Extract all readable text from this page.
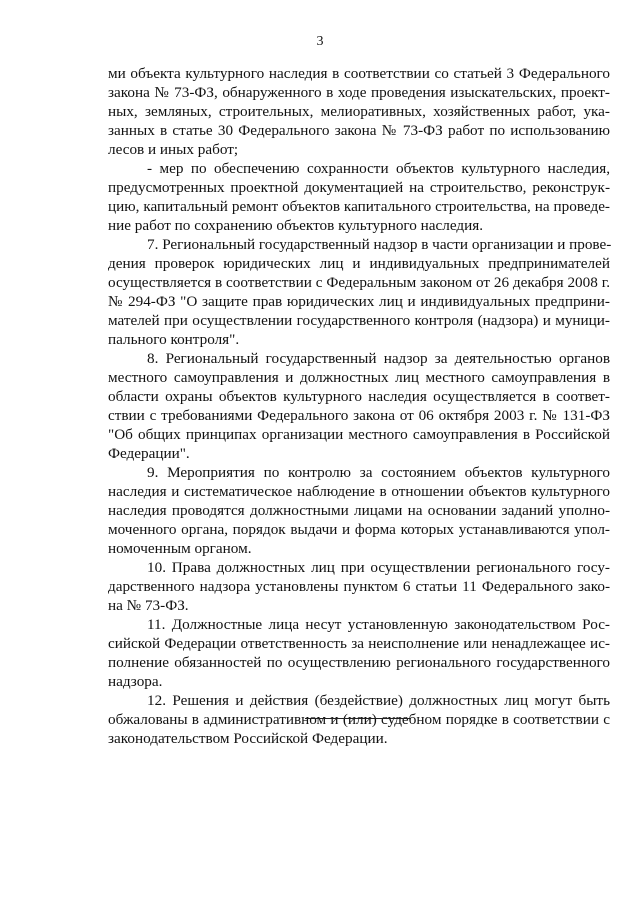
3
ми объекта культурного наследия в соответствии со статьей 3 Федерального
закона № 73-ФЗ, обнаруженного в ходе проведения изыскательских, проект-
ных, земляных, строительных, мелиоративных, хозяйственных работ, ука-
занных в статье 30 Федерального закона № 73-ФЗ работ по использованию
лесов и иных работ;
- мер по обеспечению сохранности объектов культурного наследия,
предусмотренных проектной документацией на строительство, реконструк-
цию, капитальный ремонт объектов капитального строительства, на проведе-
ние работ по сохранению объектов культурного наследия.
7. Региональный государственный надзор в части организации и прове-
дения проверок юридических лиц и индивидуальных предпринимателей
осуществляется в соответствии с Федеральным законом от 26 декабря 2008 г.
№ 294-ФЗ "О защите прав юридических лиц и индивидуальных предприни-
мателей при осуществлении государственного контроля (надзора) и муници-
пального контроля".
8. Региональный государственный надзор за деятельностью органов
местного самоуправления и должностных лиц местного самоуправления в
области охраны объектов культурного наследия осуществляется в соответ-
ствии с требованиями Федерального закона от 06 октября 2003 г. № 131-ФЗ
"Об общих принципах организации местного самоуправления в Российской
Федерации".
9. Мероприятия по контролю за состоянием объектов культурного
наследия и систематическое наблюдение в отношении объектов культурного
наследия проводятся должностными лицами на основании заданий уполно-
моченного органа, порядок выдачи и форма которых устанавливаются упол-
номоченным органом.
10. Права должностных лиц при осуществлении регионального госу-
дарственного надзора установлены пунктом 6 статьи 11 Федерального зако-
на № 73-ФЗ.
11. Должностные лица несут установленную законодательством Рос-
сийской Федерации ответственность за неисполнение или ненадлежащее ис-
полнение обязанностей по осуществлению регионального государственного
надзора.
12. Решения и действия (бездействие) должностных лиц могут быть
обжалованы в административном и (или) судебном порядке в соответствии с
законодательством Российской Федерации.
